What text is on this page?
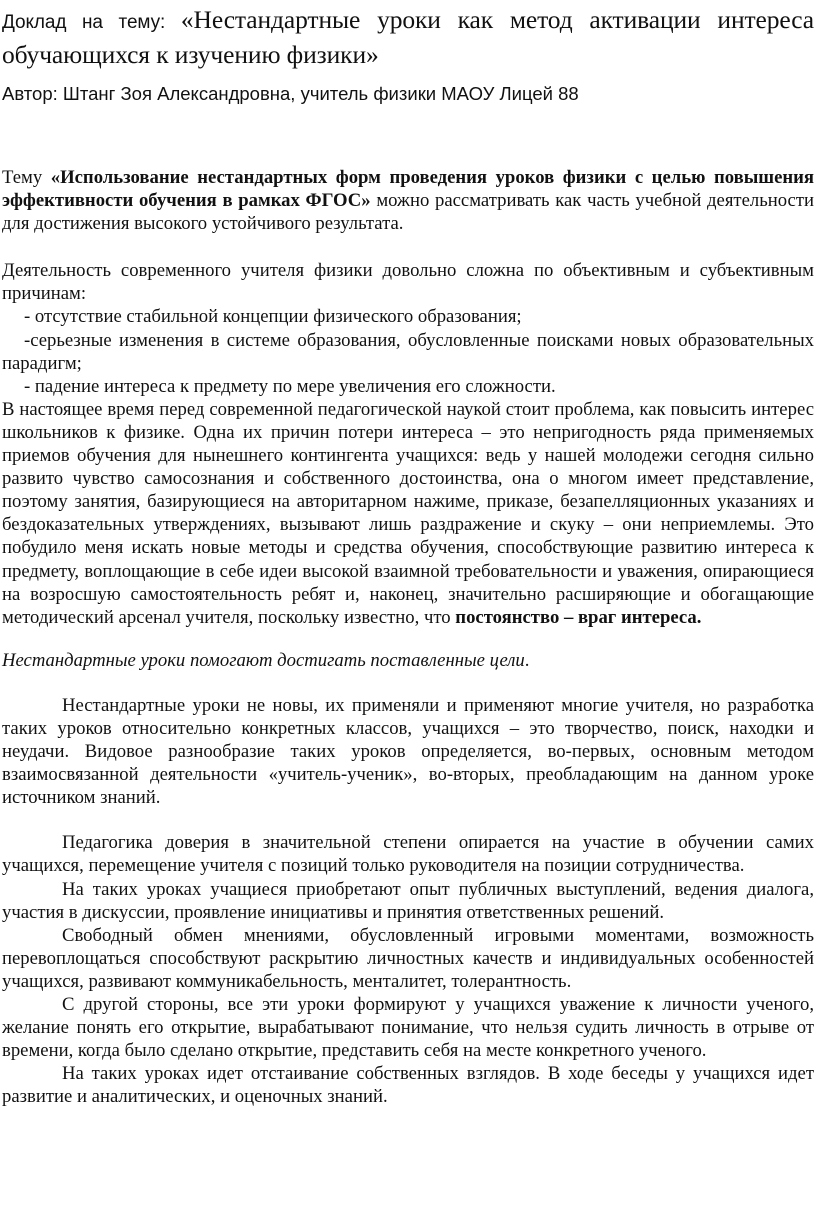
Доклад на тему: «Нестандартные уроки как метод активации интереса обучающихся к изучению физики»
Автор: Штанг Зоя Александровна, учитель физики МАОУ Лицей 88

Тему «Использование нестандартных форм проведения уроков физики с целью повышения эффективности обучения в рамках ФГОС» можно рассматривать как часть учебной деятельности для достижения высокого устойчивого результата.

Деятельность современного учителя физики довольно сложна по объективным и субъективным причинам:

- отсутствие стабильной концепции физического образования;

-серьезные изменения в системе образования, обусловленные поисками новых образовательных парадигм;

- падение интереса к предмету по мере увеличения его сложности.

В настоящее время перед современной педагогической наукой стоит проблема, как повысить интерес школьников к физике. Одна их причин потери интереса – это непригодность ряда применяемых приемов обучения для нынешнего контингента учащихся: ведь у нашей молодежи сегодня сильно развито чувство самосознания и собственного достоинства, она о многом имеет представление, поэтому занятия, базирующиеся на авторитарном нажиме, приказе, безапелляционных указаниях и бездоказательных утверждениях, вызывают лишь раздражение и скуку – они неприемлемы. Это побудило меня искать новые методы и средства обучения, способствующие развитию интереса к предмету, воплощающие в себе идеи высокой взаимной требовательности и уважения, опирающиеся на возросшую самостоятельность ребят и, наконец, значительно расширяющие и обогащающие методический арсенал учителя, поскольку известно, что постоянство – враг интереса.

Нестандартные уроки помогают достигать поставленные цели.

Нестандартные уроки не новы, их применяли и применяют многие учителя, но разработка таких уроков относительно конкретных классов, учащихся – это творчество, поиск, находки и неудачи. Видовое разнообразие таких уроков определяется, во-первых, основным методом взаимосвязанной деятельности «учитель-ученик», во-вторых, преобладающим на данном уроке источником знаний.

Педагогика доверия в значительной степени опирается на участие в обучении самих учащихся, перемещение учителя с позиций только руководителя на позиции сотрудничества.

На таких уроках учащиеся приобретают опыт публичных выступлений, ведения диалога, участия в дискуссии, проявление инициативы и принятия ответственных решений.

Свободный обмен мнениями, обусловленный игровыми моментами, возможность перевоплощаться способствуют раскрытию личностных качеств и индивидуальных особенностей учащихся, развивают коммуникабельность, менталитет, толерантность.

С другой стороны, все эти уроки формируют у учащихся уважение к личности ученого, желание понять его открытие, вырабатывают понимание, что нельзя судить личность в отрыве от времени, когда было сделано открытие, представить себя на месте конкретного ученого.

На таких уроках идет отстаивание собственных взглядов. В ходе беседы у учащихся идет развитие и аналитических, и оценочных знаний.
